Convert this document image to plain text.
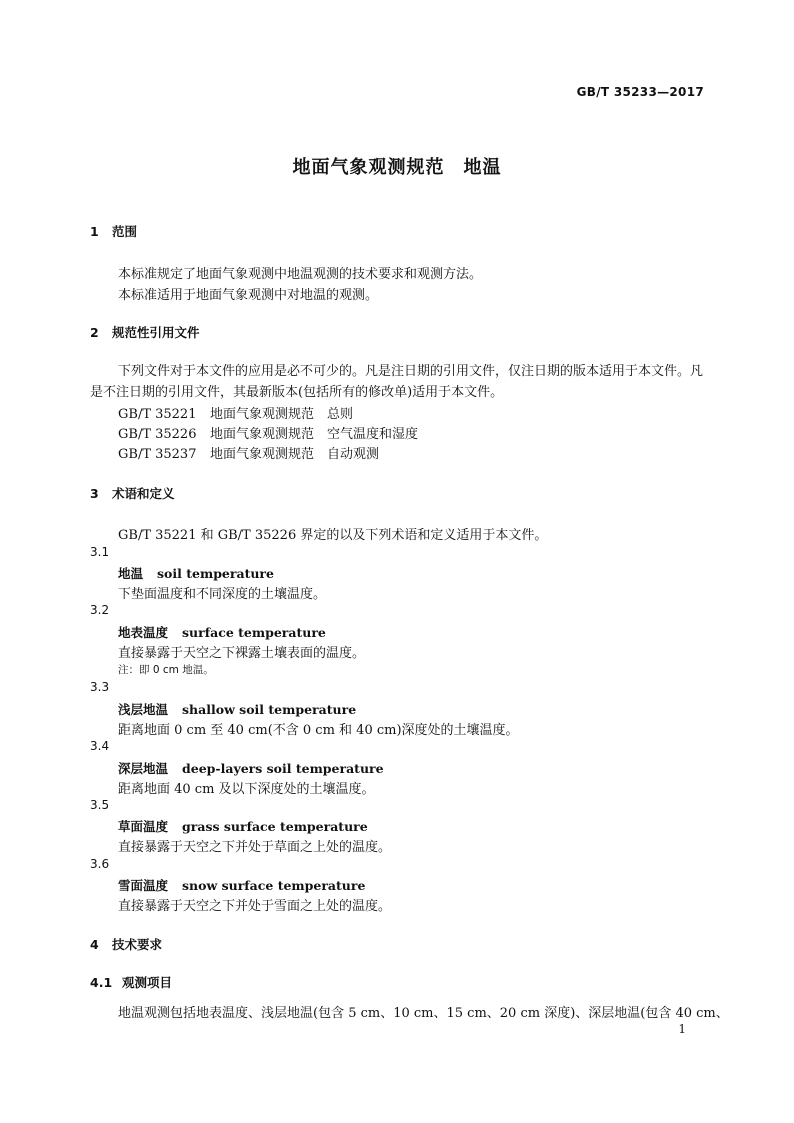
GB/T 35233—2017
地面气象观测规范　地温
1 范围
本标准规定了地面气象观测中地温观测的技术要求和观测方法。
本标准适用于地面气象观测中对地温的观测。
2 规范性引用文件
下列文件对于本文件的应用是必不可少的。凡是注日期的引用文件，仅注日期的版本适用于本文件。凡是不注日期的引用文件，其最新版本(包括所有的修改单)适用于本文件。
GB/T 35221 地面气象观测规范　总则
GB/T 35226 地面气象观测规范　空气温度和湿度
GB/T 35237 地面气象观测规范　自动观测
3 术语和定义
GB/T 35221 和 GB/T 35226 界定的以及下列术语和定义适用于本文件。
3.1
地温 soil temperature
下垫面温度和不同深度的土壤温度。
3.2
地表温度 surface temperature
直接暴露于天空之下裸露土壤表面的温度。
注：即 0 cm 地温。
3.3
浅层地温 shallow soil temperature
距离地面 0 cm 至 40 cm(不含 0 cm 和 40 cm)深度处的土壤温度。
3.4
深层地温 deep-layers soil temperature
距离地面 40 cm 及以下深度处的土壤温度。
3.5
草面温度 grass surface temperature
直接暴露于天空之下并处于草面之上处的温度。
3.6
雪面温度 snow surface temperature
直接暴露于天空之下并处于雪面之上处的温度。
4 技术要求
4.1 观测项目
地温观测包括地表温度、浅层地温(包含 5 cm、10 cm、15 cm、20 cm 深度)、深层地温(包含 40 cm、
1
